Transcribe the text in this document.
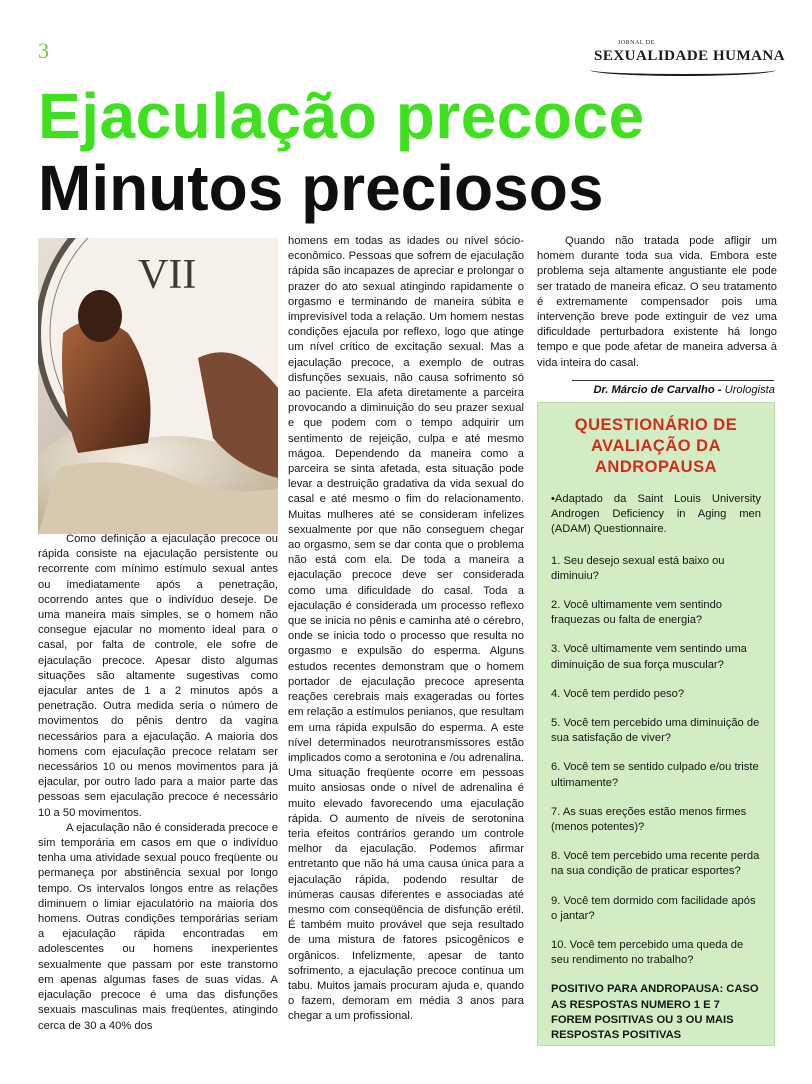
3	JORNAL DE
SEXUALIDADE HUMANA
Ejaculação precoce
Minutos preciosos
VII

Como definição a ejaculação precoce ou rápida consiste na ejaculação persistente ou recorrente com mínimo estímulo sexual antes ou imediatamente após a penetração, ocorrendo antes que o indivíduo deseje. De uma maneira mais simples, se o homem não consegue ejacular no momento ideal para o casal, por falta de controle, ele sofre de ejaculação precoce. Apesar disto algumas situações são altamente sugestivas como ejacular antes de 1 a 2 minutos após a penetração. Outra medida seria o número de movimentos do pênis dentro da vagina necessários para a ejaculação. A maioria dos homens com ejaculação precoce relatam ser necessários 10 ou menos movimentos para já ejacular, por outro lado para a maior parte das pessoas sem ejaculação precoce é necessário 10 a 50 movimentos.

A ejaculação não é considerada precoce e sim temporária em casos em que o indivíduo tenha uma atividade sexual pouco freqüente ou permaneça por abstinência sexual por longo tempo. Os intervalos longos entre as relações diminuem o limiar ejaculatório na maioria dos homens. Outras condições temporárias seriam a ejaculação rápida encontradas em adolescentes ou homens inexperientes sexualmente que passam por este transtorno em apenas algumas fases de suas vidas. A ejaculação precoce é uma das disfunções sexuais masculinas mais freqüentes, atingindo cerca de 30 a 40% dos

homens em todas as idades ou nível sócio-econômico. Pessoas que sofrem de ejaculação rápida são incapazes de apreciar e prolongar o prazer do ato sexual atingindo rapidamente o orgasmo e terminando de maneira súbita e imprevisível toda a relação. Um homem nestas condições ejacula por reflexo, logo que atinge um nível crítico de excitação sexual. Mas a ejaculação precoce, a exemplo de outras disfunções sexuais, não causa sofrimento só ao paciente. Ela afeta diretamente a parceira provocando a diminuição do seu prazer sexual e que podem com o tempo adquirir um sentimento de rejeição, culpa e até mesmo mágoa. Dependendo da maneira como a parceira se sinta afetada, esta situação pode levar a destruição gradativa da vida sexual do casal e até mesmo o fim do relacionamento. Muitas mulheres até se consideram infelizes sexualmente por que não conseguem chegar ao orgasmo, sem se dar conta que o problema não está com ela. De toda a maneira a ejaculação precoce deve ser considerada como uma dificuldade do casal. Toda a ejaculação é considerada um processo reflexo que se inicia no pênis e caminha até o cérebro, onde se inicia todo o processo que resulta no orgasmo e expulsão do esperma. Alguns estudos recentes demonstram que o homem portador de ejaculação precoce apresenta reações cerebrais mais exageradas ou fortes em relação a estímulos penianos, que resultam em uma rápida expulsão do esperma. A este nível determinados neurotransmissores estão implicados como a serotonina e /ou adrenalina. Uma situação freqüente ocorre em pessoas muito ansiosas onde o nível de adrenalina é muito elevado favorecendo uma ejaculação rápida. O aumento de níveis de serotonina teria efeitos contrários gerando um controle melhor da ejaculação. Podemos afirmar entretanto que não há uma causa única para a ejaculação rápida, podendo resultar de inúmeras causas diferentes e associadas até mesmo com conseqüência de disfunção erétil. É também muito provável que seja resultado de uma mistura de fatores psicogênicos e orgânicos. Infelizmente, apesar de tanto sofrimento, a ejaculação precoce continua um tabu. Muitos jamais procuram ajuda e, quando o fazem, demoram em média 3 anos para chegar a um profissional.

Quando não tratada pode afligir um homem durante toda sua vida. Embora este problema seja altamente angustiante ele pode ser tratado de maneira eficaz. O seu tratamento é extremamente compensador pois uma intervenção breve pode extinguir de vez uma dificuldade perturbadora existente há longo tempo e que pode afetar de maneira adversa à vida inteira do casal.

Dr. Márcio de Carvalho - Urologista
QUESTIONÁRIO DE AVALIAÇÃO DA ANDROPAUSA
•Adaptado da Saint Louis University Androgen Deficiency in Aging men (ADAM) Questionnaire.
1. Seu desejo sexual está baixo ou diminuiu?
2. Você ultimamente vem sentindo fraquezas ou falta de energia?
3. Você ultimamente vem sentindo uma diminuição de sua força muscular?
4. Você tem perdido peso?
5. Você tem percebido uma diminuição de sua satisfação de viver?
6. Você tem se sentido culpado e/ou triste ultimamente?
7. As suas ereções estão menos firmes (menos potentes)?
8. Você tem percebido uma recente perda na sua condição de praticar esportes?
9. Você tem dormido com facilidade após o jantar?
10. Você tem percebido uma queda de seu rendimento no trabalho?
POSITIVO PARA ANDROPAUSA: CASO AS RESPOSTAS NUMERO 1 E 7 FOREM POSITIVAS OU 3 OU MAIS RESPOSTAS POSITIVAS
